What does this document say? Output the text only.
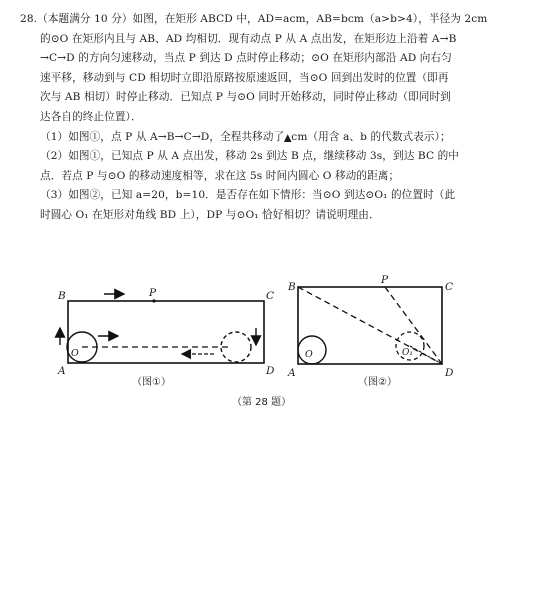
28.（本题满分 10 分）如图，在矩形 ABCD 中，AD=acm，AB=bcm（a>b>4），半径为 2cm
的⊙O 在矩形内且与 AB、AD 均相切．现有动点 P 从 A 点出发，在矩形边上沿着 A→B
→C→D 的方向匀速移动，当点 P 到达 D 点时停止移动；⊙O 在矩形内部沿 AD 向右匀
速平移，移动到与 CD 相切时立即沿原路按原速返回，当⊙O 回到出发时的位置（即再
次与 AB 相切）时停止移动．已知点 P 与⊙O 同时开始移动，同时停止移动（即同时到
达各自的终止位置）．
（1）如图①，点 P 从 A→B→C→D，全程共移动了▲cm（用含 a、b 的代数式表示）；
（2）如图①，已知点 P 从 A 点出发，移动 2s 到达 B 点，继续移动 3s，到达 BC 的中
点．若点 P 与⊙O 的移动速度相等，求在这 5s 时间内圆心 O 移动的距离；
（3）如图②，已知 a=20，b=10．是否存在如下情形：当⊙O 到达⊙O₁ 的位置时（此
时圆心 O₁ 在矩形对角线 BD 上），DP 与⊙O₁ 恰好相切？请说明理由．
B	P	C
A	D
O
（图①）
B
P
C
A	D
O	O₁
（图②）
（第 28 题）
